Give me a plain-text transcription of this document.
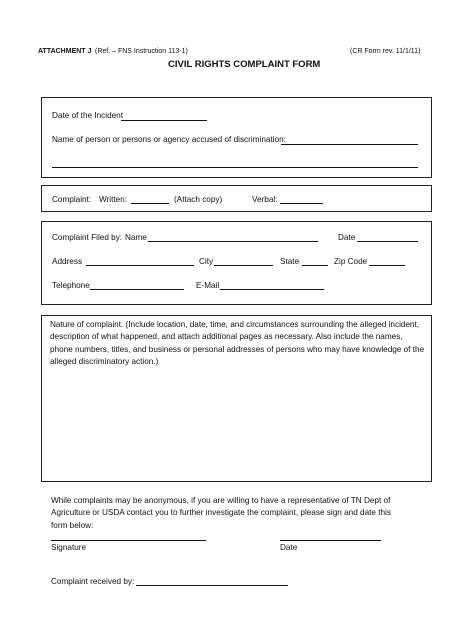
ATTACHMENT J (Ref. – FNS Instruction 113-1)	(CR Form rev. 11/1/11)
CIVIL RIGHTS COMPLAINT FORM
Date of the Incident
Name of person or persons or agency accused of discrimination:
Complaint: Written:	(Attach copy)	Verbal:
Complaint Filed by: Name	Date
Address	City	State	Zip Code
Telephone	E-Mail
Nature of complaint. (Include location, date, time, and circumstances surrounding the alleged incident, description of what happened, and attach additional pages as necessary. Also include the names, phone numbers, titles, and business or personal addresses of persons who may have knowledge of the alleged discriminatory action.)
While complaints may be anonymous, if you are willing to have a representative of TN Dept of Agriculture or USDA contact you to further investigate the complaint, please sign and date this form below:
Signature	Date
Complaint received by:
